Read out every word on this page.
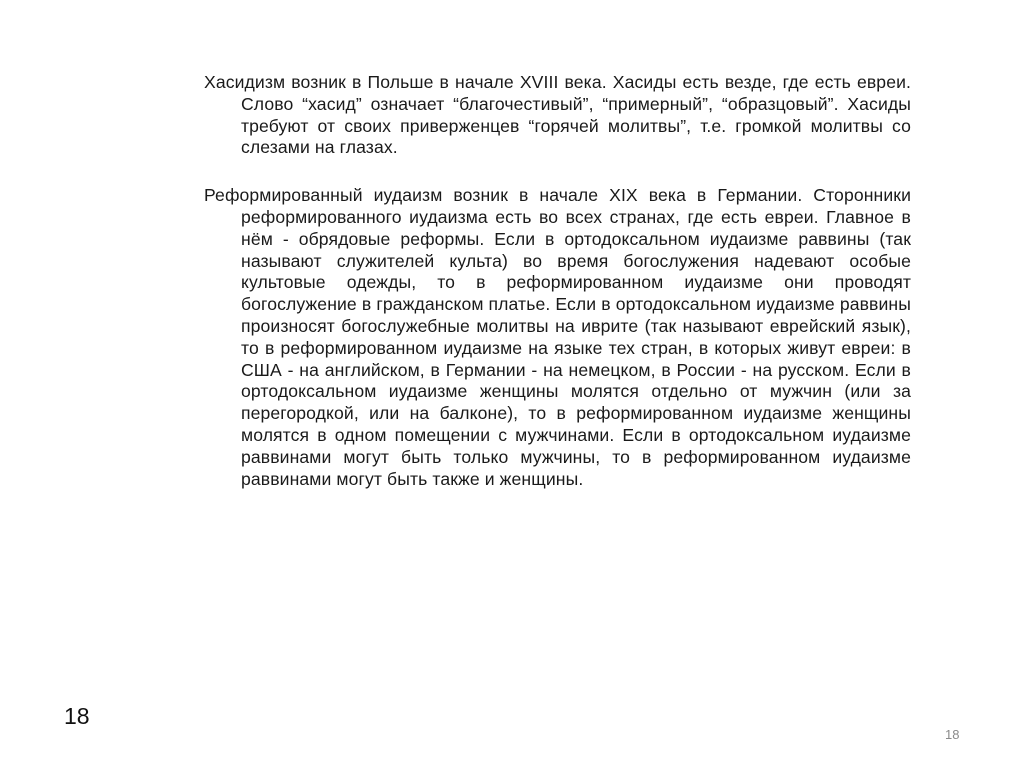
Хасидизм возник в Польше в начале XVIII века. Хасиды есть везде, где есть евреи. Слово “хасид” означает “благочестивый”, “примерный”, “образцовый”. Хасиды требуют от своих приверженцев “горячей молитвы”, т.е. громкой молитвы со слезами на глазах.

Реформированный иудаизм возник в начале XIX века в Германии. Сторонники реформированного иудаизма есть во всех странах, где есть евреи. Главное в нём - обрядовые реформы. Если в ортодоксальном иудаизме раввины (так называют служителей культа) во время богослужения надевают особые культовые одежды, то в реформированном иудаизме они проводят богослужение в гражданском платье. Если в ортодоксальном иудаизме раввины произносят богослужебные молитвы на иврите (так называют еврейский язык), то в реформированном иудаизме на языке тех стран, в которых живут евреи: в США - на английском, в Германии - на немецком, в России - на русском. Если в ортодоксальном иудаизме женщины молятся отдельно от мужчин (или за перегородкой, или на балконе), то в реформированном иудаизме женщины молятся в одном помещении с мужчинами. Если в ортодоксальном иудаизме раввинами могут быть только мужчины, то в реформированном иудаизме раввинами могут быть также и женщины.

18
18
